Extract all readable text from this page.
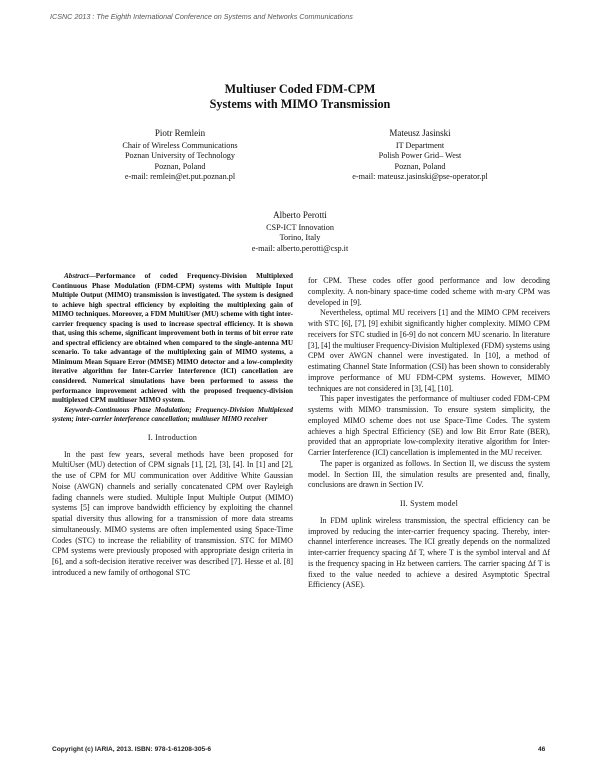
ICSNC 2013 : The Eighth International Conference on Systems and Networks Communications
Multiuser Coded FDM-CPM
Systems with MIMO Transmission
Piotr Remlein
Chair of Wireless Communications
Poznan University of Technology
Poznan, Poland
e-mail: remlein@et.put.poznan.pl
Mateusz Jasinski
IT Department
Polish Power Grid– West
Poznan, Poland
e-mail: mateusz.jasinski@pse-operator.pl
Alberto Perotti
CSP-ICT Innovation
Torino, Italy
e-mail: alberto.perotti@csp.it

Abstract—Performance of coded Frequency-Division Multiplexed Continuous Phase Modulation (FDM-CPM) systems with Multiple Input Multiple Output (MIMO) transmission is investigated. The system is designed to achieve high spectral efficiency by exploiting the multiplexing gain of MIMO techniques. Moreover, a FDM MultiUser (MU) scheme with tight inter-carrier frequency spacing is used to increase spectral efficiency. It is shown that, using this scheme, significant improvement both in terms of bit error rate and spectral efficiency are obtained when compared to the single-antenna MU scenario. To take advantage of the multiplexing gain of MIMO systems, a Minimum Mean Square Error (MMSE) MIMO detector and a low-complexity iterative algorithm for Inter-Carrier Interference (ICI) cancellation are considered. Numerical simulations have been performed to assess the performance improvement achieved with the proposed frequency-division multiplexed CPM multiuser MIMO system.

Keywords-Continuous Phase Modulation; Frequency-Division Multiplexed system; inter-carrier interference cancellation; multiuser MIMO receiver

I. Introduction

In the past few years, several methods have been proposed for MultiUser (MU) detection of CPM signals [1], [2], [3], [4]. In [1] and [2], the use of CPM for MU communication over Additive White Gaussian Noise (AWGN) channels and serially concatenated CPM over Rayleigh fading channels were studied. Multiple Input Multiple Output (MIMO) systems [5] can improve bandwidth efficiency by exploiting the channel spatial diversity thus allowing for a transmission of more data streams simultaneously. MIMO systems are often implemented using Space-Time Codes (STC) to increase the reliability of transmission. STC for MIMO CPM systems were previously proposed with appropriate design criteria in [6], and a soft-decision iterative receiver was described [7]. Hesse et al. [8] introduced a new family of orthogonal STC

for CPM. These codes offer good performance and low decoding complexity. A non-binary space-time coded scheme with m-ary CPM was developed in [9].

Nevertheless, optimal MU receivers [1] and the MIMO CPM receivers with STC [6], [7], [9] exhibit significantly higher complexity. MIMO CPM receivers for STC studied in [6-9] do not concern MU scenario. In literature [3], [4] the multiuser Frequency-Division Multiplexed (FDM) systems using CPM over AWGN channel were investigated. In [10], a method of estimating Channel State Information (CSI) has been shown to considerably improve performance of MU FDM-CPM systems. However, MIMO techniques are not considered in [3], [4], [10].

This paper investigates the performance of multiuser coded FDM-CPM systems with MIMO transmission. To ensure system simplicity, the employed MIMO scheme does not use Space-Time Codes. The system achieves a high Spectral Efficiency (SE) and low Bit Error Rate (BER), provided that an appropriate low-complexity iterative algorithm for Inter-Carrier Interference (ICI) cancellation is implemented in the MU receiver.

The paper is organized as follows. In Section II, we discuss the system model. In Section III, the simulation results are presented and, finally, conclusions are drawn in Section IV.

II. System model

In FDM uplink wireless transmission, the spectral efficiency can be improved by reducing the inter-carrier frequency spacing. Thereby, inter-channel interference increases. The ICI greatly depends on the normalized inter-carrier frequency spacing Δf T, where T is the symbol interval and Δf is the frequency spacing in Hz between carriers. The carrier spacing Δf T is fixed to the value needed to achieve a desired Asymptotic Spectral Efficiency (ASE).

Copyright (c) IARIA, 2013. ISBN: 978-1-61208-305-6	46
